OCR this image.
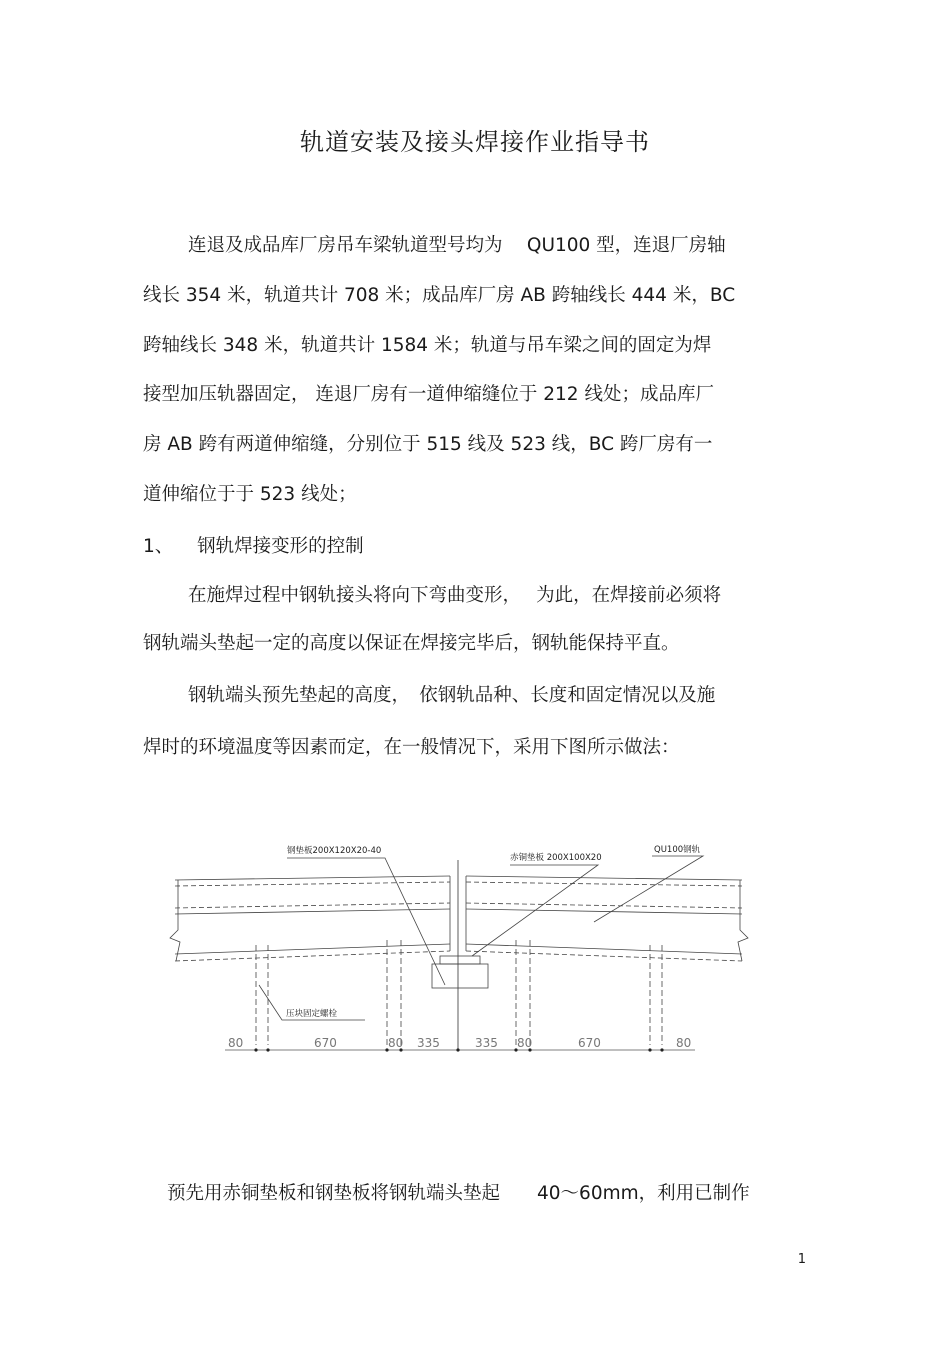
轨道安装及接头焊接作业指导书
连退及成品库厂房吊车梁轨道型号均为　 QU100 型，连退厂房轴
线长 354 米，轨道共计 708 米；成品库厂房 AB 跨轴线长 444 米，BC
跨轴线长 348 米，轨道共计 1584 米；轨道与吊车梁之间的固定为焊
接型加压轨器固定， 连退厂房有一道伸缩缝位于 212 线处；成品库厂
房 AB 跨有两道伸缩缝，分别位于 515 线及 523 线，BC 跨厂房有一
道伸缩位于于 523 线处；
1、 钢轨焊接变形的控制
在施焊过程中钢轨接头将向下弯曲变形，　 为此，在焊接前必须将
钢轨端头垫起一定的高度以保证在焊接完毕后，钢轨能保持平直。
钢轨端头预先垫起的高度，　依钢轨品种、长度和固定情况以及施
焊时的环境温度等因素而定，在一般情况下，采用下图所示做法：
钢垫板200X120X20-40
赤铜垫板 200X100X20
QU100钢轨
压块固定螺栓
80	670	80 335	335 80	670	80
预先用赤铜垫板和钢垫板将钢轨端头垫起　　40～60mm，利用已制作
1
